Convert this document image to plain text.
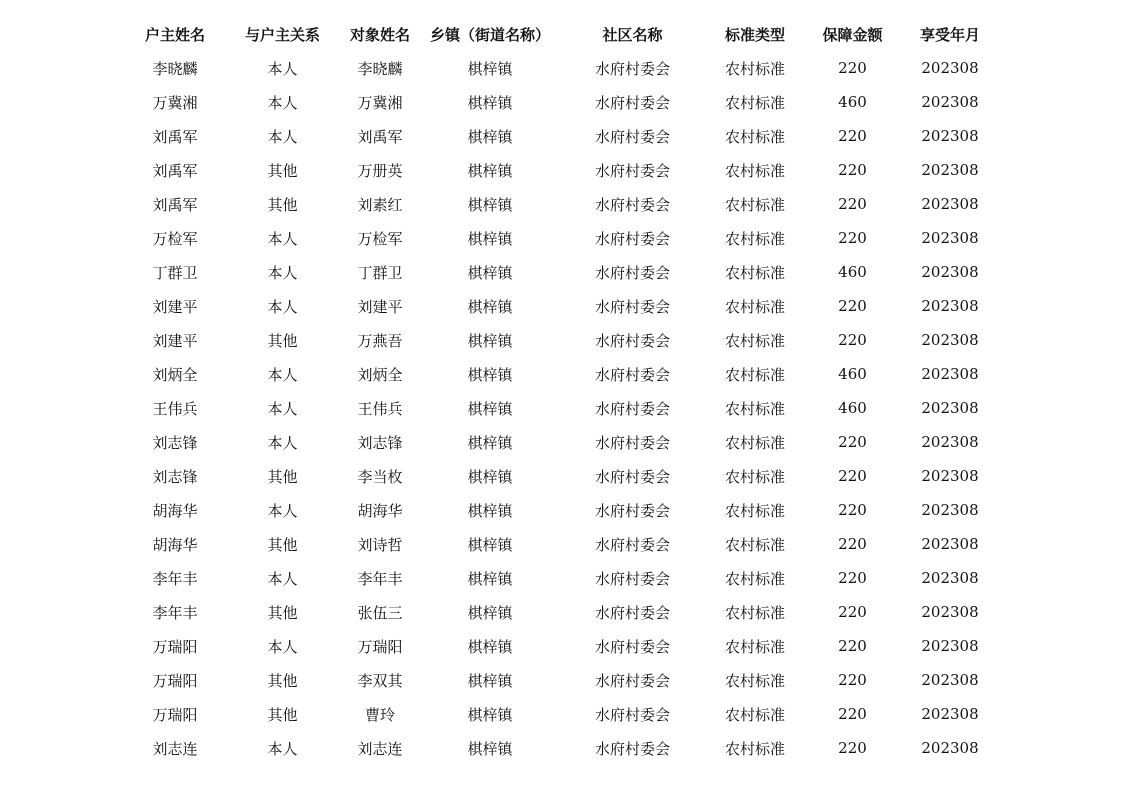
户主姓名	与户主关系	对象姓名	乡镇（街道名称）	社区名称	标准类型	保障金额	享受年月
李晓麟	本人	李晓麟	棋梓镇	水府村委会	农村标准	220	202308
万冀湘	本人	万冀湘	棋梓镇	水府村委会	农村标准	460	202308
刘禹军	本人	刘禹军	棋梓镇	水府村委会	农村标准	220	202308
刘禹军	其他	万册英	棋梓镇	水府村委会	农村标准	220	202308
刘禹军	其他	刘素红	棋梓镇	水府村委会	农村标准	220	202308
万检军	本人	万检军	棋梓镇	水府村委会	农村标准	220	202308
丁群卫	本人	丁群卫	棋梓镇	水府村委会	农村标准	460	202308
刘建平	本人	刘建平	棋梓镇	水府村委会	农村标准	220	202308
刘建平	其他	万燕吾	棋梓镇	水府村委会	农村标准	220	202308
刘炳全	本人	刘炳全	棋梓镇	水府村委会	农村标准	460	202308
王伟兵	本人	王伟兵	棋梓镇	水府村委会	农村标准	460	202308
刘志锋	本人	刘志锋	棋梓镇	水府村委会	农村标准	220	202308
刘志锋	其他	李当枚	棋梓镇	水府村委会	农村标准	220	202308
胡海华	本人	胡海华	棋梓镇	水府村委会	农村标准	220	202308
胡海华	其他	刘诗哲	棋梓镇	水府村委会	农村标准	220	202308
李年丰	本人	李年丰	棋梓镇	水府村委会	农村标准	220	202308
李年丰	其他	张伍三	棋梓镇	水府村委会	农村标准	220	202308
万瑞阳	本人	万瑞阳	棋梓镇	水府村委会	农村标准	220	202308
万瑞阳	其他	李双其	棋梓镇	水府村委会	农村标准	220	202308
万瑞阳	其他	曹玲	棋梓镇	水府村委会	农村标准	220	202308
刘志连	本人	刘志连	棋梓镇	水府村委会	农村标准	220	202308
